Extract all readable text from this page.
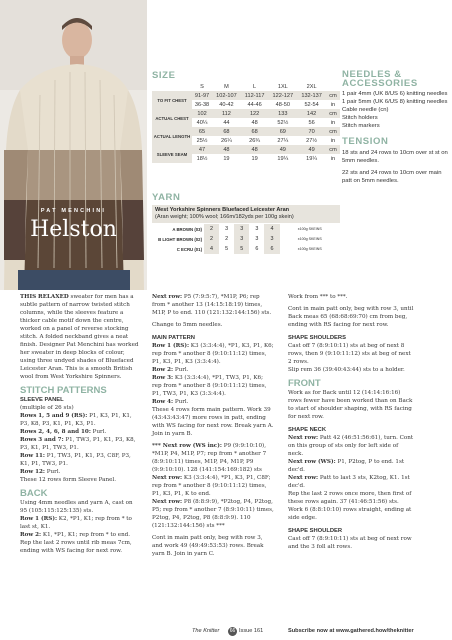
PAT MENCHINI
Helston
SIZE
	S	M	L	1XL	2XL	
TO FIT CHEST	91-97	102-107	112-117	122-127	132-137	cm
	36-38	40-42	44-46	48-50	52-54	in
ACTUAL CHEST	102	112	122	133	142	cm
	40¼	44	48	52½	56	in
ACTUAL LENGTH	65	68	68	69	70	cm
	25½	26¼	26¾	27¼	27½	in
SLEEVE SEAM	47	48	48	49	49	cm
	18½	19	19	19¼	19¼	in
YARN
West Yorkshire Spinners Bluefaced Leicester Aran
(Aran weight; 100% wool; 166m/182yds per 100g skein)
A BROWN (03)	2	3	3	3	4	x100g SKEINS
B LIGHT BROWN (02)	2	2	3	3	3	x100g SKEINS
C ECRU (01)	4	5	5	6	6	x100g SKEINS
NEEDLES & ACCESSORIES
1 pair 4mm (UK 8/US 6) knitting needles
1 pair 5mm (UK 6/US 8) knitting needles
Cable needle (cn)
Stitch holders
Stitch markers
TENSION
18 sts and 24 rows to 10cm over st st on 5mm needles.
22 sts and 24 rows to 10cm over main patt on 5mm needles.

THIS RELAXED sweater for men has a subtle pattern of narrow twisted stitch columns, while the sleeves feature a thicker cable motif down the centre, worked on a panel of reverse stocking stitch. A folded neckband gives a neat finish. Designer Pat Menchini has worked her sweater in deep blocks of colour, using three undyed shades of Bluefaced Leicester Aran. This is a smooth British wool from West Yorkshire Spinners.

STITCH PATTERNS
SLEEVE PANEL

(multiple of 26 sts)

Rows 1, 5 and 9 (RS): P1, K3, P1, K1, P3, K8, P3, K1, P1, K3, P1.

Rows 2, 4, 6, 8 and 10: Purl.

Rows 3 and 7: P1, TW3, P1, K1, P3, K8, P3, K1, P1, TW3, P1.

Row 11: P1, TW3, P1, K1, P3, C8F, P3, K1, P1, TW3, P1.

Row 12: Purl.

These 12 rows form Sleeve Panel.

BACK

Using 4mm needles and yarn A, cast on 95 (105:115:125:135) sts.

Row 1 (RS): K2, *P1, K1; rep from * to last st, K1.

Row 2: K1, *P1, K1; rep from * to end.

Rep the last 2 rows until rib meas 7cm, ending with WS facing for next row.

Next row: P5 (7:9:5:7), *M1P, P6; rep from * another 13 (14:15:18:19) times, M1P, P to end. 110 (121:132:144:156) sts.

Change to 5mm needles.

MAIN PATTERN

Row 1 (RS): K3 (3:3:4:4), *P1, K3, P1, K6; rep from * another 8 (9:10:11:12) times, P1, K3, P1, K3 (3:3:4:4).

Row 2: Purl.

Row 3: K3 (3:3:4:4), *P1, TW3, P1, K6; rep from * another 8 (9:10:11:12) times, P1, TW3, P1, K3 (3:3:4:4).

Row 4: Purl.

These 4 rows form main pattern. Work 39 (43:43:43:47) more rows in patt, ending with WS facing for next row. Break yarn A. Join in yarn B.

*** Next row (WS inc): P9 (9:9:10:10), *M1P, P4, M1P, P7; rep from * another 7 (8:9:10:11) times, M1P, P4, M1P, P9 (9:9:10:10). 128 (141:154:169:182) sts

Next row: K3 (3:3:4:4), *P1, K3, P1, C8F; rep from * another 8 (9:10:11:12) times, P1, K3, P1, K to end.

Next row: P8 (8:8:9:9), *P2tog, P4, P2tog, P5; rep from * another 7 (8:9:10:11) times, P2tog, P4, P2tog, P8 (8:8:9:9). 110 (121:132:144:156) sts ***

Cont in main patt only, beg with row 3, and work 49 (49:49:53:53) rows. Break yarn B. Join in yarn C.

Work from *** to ***.

Cont in main patt only, beg with row 3, until Back meas 65 (68:68:69:70) cm from beg, ending with RS facing for next row.

SHAPE SHOULDERS

Cast off 7 (8:9:10:11) sts at beg of next 8 rows, then 9 (9:10:11:12) sts at beg of next 2 rows.

Slip rem 36 (39:40:43:44) sts to a holder.

FRONT

Work as for Back until 12 (14:14:16:16) rows fewer have been worked than on Back to start of shoulder shaping, with RS facing for next row.

SHAPE NECK

Next row: Patt 42 (46:51:56:61), turn. Cont on this group of sts only for left side of neck.

Next row (WS): P1, P2tog, P to end. 1st dec'd.

Next row: Patt to last 3 sts, K2tog, K1. 1st dec'd.

Rep the last 2 rows once more, then first of these rows again. 37 (41:46:51:56) sts.

Work 6 (8:8:10:10) rows straight, ending at side edge.

SHAPE SHOULDER

Cast off 7 (8:9:10:11) sts at beg of next row and the 3 foll alt rows.

The Knitter	66 Issue 161	Subscribe now at www.gathered.how/theknitter
